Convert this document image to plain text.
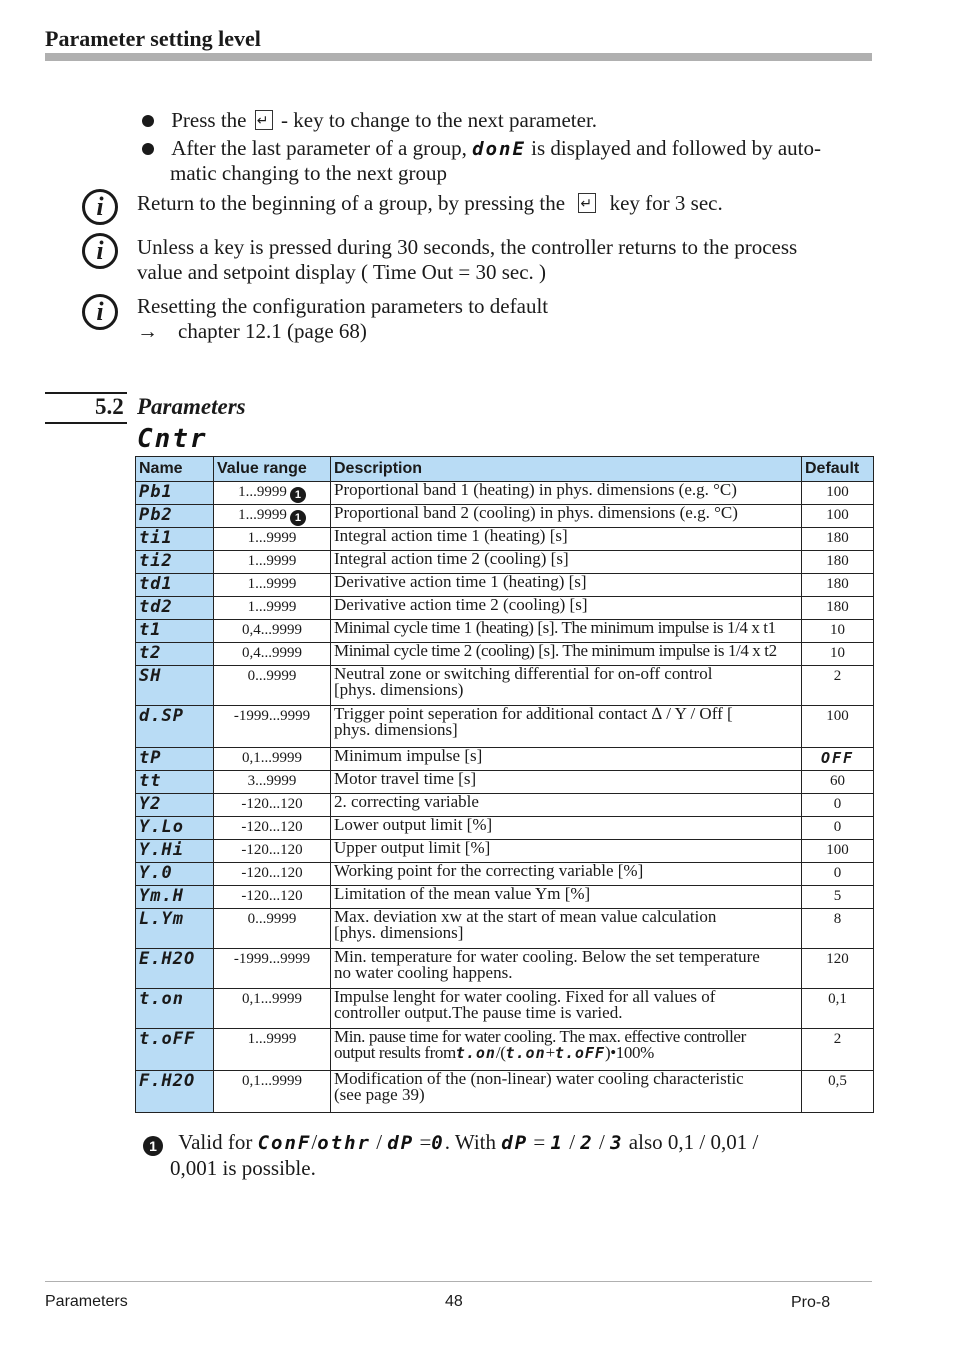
Parameter setting level
Press the ↵ - key to change to the next parameter.
After the last parameter of a group, donE is displayed and followed by auto-
matic changing to the next group
i	Return to the beginning of a group, by pressing the ↵ key for 3 sec.
i	Unless a key is pressed during 30 seconds, the controller returns to the process
value and setpoint display ( Time Out = 30 sec. )
i	Resetting the configuration parameters to default
→ chapter 12.1 (page 68)
5.2 Parameters
Cntr
Name	Value range	Description	Default
Pb1	1...9999 1	Proportional band 1 (heating) in phys. dimensions (e.g. °C)	100
Pb2	1...9999 1	Proportional band 2 (cooling) in phys. dimensions (e.g. °C)	100
ti1	1...9999	Integral action time 1 (heating) [s]	180
ti2	1...9999	Integral action time 2 (cooling) [s]	180
td1	1...9999	Derivative action time 1 (heating) [s]	180
td2	1...9999	Derivative action time 2 (cooling) [s]	180
t1	0,4...9999	Minimal cycle time 1 (heating) [s]. The minimum impulse is 1/4 x t1	10
t2	0,4...9999	Minimal cycle time 2 (cooling) [s]. The minimum impulse is 1/4 x t2	10
SH	0...9999	Neutral zone or switching differential for on-off control
[phys. dimensions)	2
d.SP	-1999...9999	Trigger point seperation for additional contact ∆ / Y / Off [
phys. dimensions]	100
tP	0,1...9999	Minimum impulse [s]	OFF
tt	3...9999	Motor travel time [s]	60
Y2	-120...120	2. correcting variable	0
Y.Lo	-120...120	Lower output limit [%]	0
Y.Hi	-120...120	Upper output limit [%]	100
Y.0	-120...120	Working point for the correcting variable [%]	0
Ym.H	-120...120	Limitation of the mean value Ym [%]	5
L.Ym	0...9999	Max. deviation xw at the start of mean value calculation
[phys. dimensions]	8
E.H2O	-1999...9999	Min. temperature for water cooling. Below the set temperature
no water cooling happens.	120
t.on	0,1...9999	Impulse lenght for water cooling. Fixed for all values of
controller output.The pause time is varied.	0,1
t.oFF	1...9999	Min. pause time for water cooling. The max. effective controller
output results fromt.on/(t.on+t.oFF)•100%	2
F.H2O	0,1...9999	Modification of the (non-linear) water cooling characteristic
(see page 39)	0,5
1 Valid for ConF/othr / dP =0. With dP = 1 / 2 / 3 also 0,1 / 0,01 /
0,001 is possible.
Parameters	48	Pro-8
